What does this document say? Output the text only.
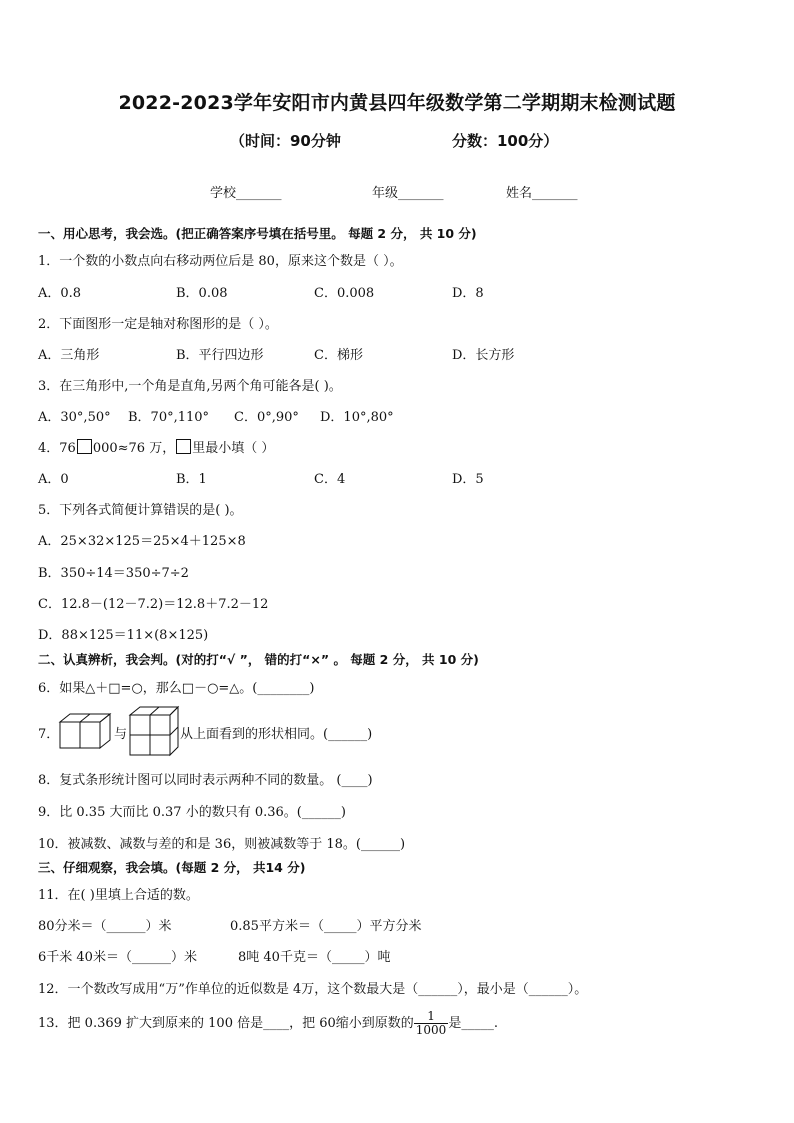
2022-2023学年安阳市内黄县四年级数学第二学期期末检测试题
（时间：90分钟	分数：100分）
学校_______	年级_______	姓名_______
一、用心思考，我会选。(把正确答案序号填在括号里。 每题 2 分， 共 10 分)
1．一个数的小数点向右移动两位后是 80，原来这个数是（ ）。
A．0.8	B．0.08	C．0.008	D．8
2．下面图形一定是轴对称图形的是（ ）。
A．三角形	B．平行四边形	C．梯形	D．长方形
3．在三角形中,一个角是直角,另两个角可能各是( )。
A．30°,50° B．70°,110° C．0°,90° D．10°,80°
4．76 000≈76 万， 里最小填（ ）
A．0	B．1	C．4	D．5
5．下列各式简便计算错误的是( )。
A．25×32×125＝25×4＋125×8
B．350÷14＝350÷7÷2
C．12.8－(12－7.2)＝12.8＋7.2－12
D．88×125＝11×(8×125)
二、认真辨析，我会判。(对的打“√ ”， 错的打“×” 。 每题 2 分， 共 10 分)
6．如果△＋□=○，那么□－○=△。(________)
7．	与	从上面看到的形状相同。(______)
8．复式条形统计图可以同时表示两种不同的数量。 (____)
9．比 0.35 大而比 0.37 小的数只有 0.36。(______)
10．被减数、减数与差的和是 36，则被减数等于 18。(______)
三、仔细观察，我会填。(每题 2 分， 共14 分)
11．在( )里填上合适的数。
80分米＝（______）米	0.85平方米＝（_____）平方分米
6千米 40米＝（______）米	8吨 40千克＝（_____）吨
12．一个数改写成用“万”作单位的近似数是 4万，这个数最大是（______），最小是（______）。
13．把 0.369 扩大到原来的 100 倍是____，把 60缩小到原数的 $\frac{1}{1000}$ 是_____.
